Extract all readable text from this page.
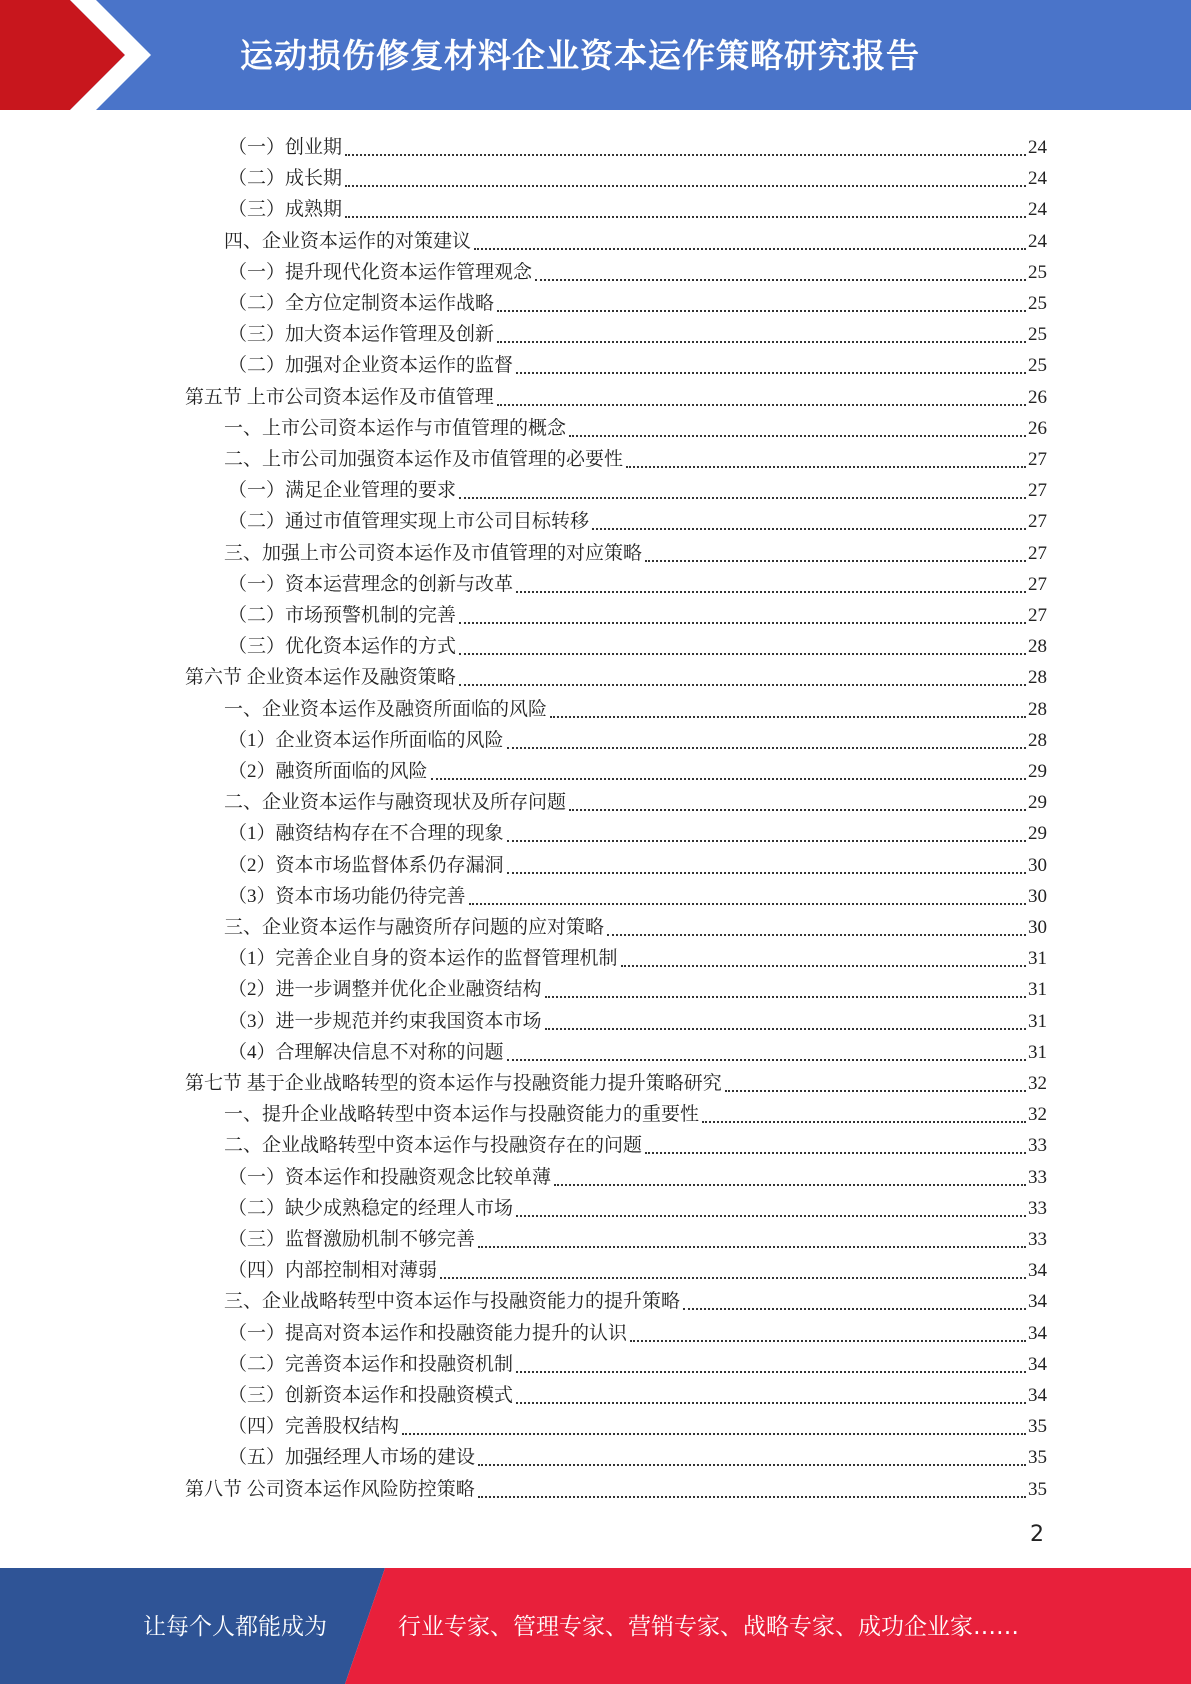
运动损伤修复材料企业资本运作策略研究报告
（一）创业期	24
（二）成长期	24
（三）成熟期	24
四、企业资本运作的对策建议	24
（一）提升现代化资本运作管理观念	25
（二）全方位定制资本运作战略	25
（三）加大资本运作管理及创新	25
（二）加强对企业资本运作的监督	25
第五节 上市公司资本运作及市值管理	26
一、上市公司资本运作与市值管理的概念	26
二、上市公司加强资本运作及市值管理的必要性	27
（一）满足企业管理的要求	27
（二）通过市值管理实现上市公司目标转移	27
三、加强上市公司资本运作及市值管理的对应策略	27
（一）资本运营理念的创新与改革	27
（二）市场预警机制的完善	27
（三）优化资本运作的方式	28
第六节 企业资本运作及融资策略	28
一、企业资本运作及融资所面临的风险	28
（1）企业资本运作所面临的风险	28
（2）融资所面临的风险	29
二、企业资本运作与融资现状及所存问题	29
（1）融资结构存在不合理的现象	29
（2）资本市场监督体系仍存漏洞	30
（3）资本市场功能仍待完善	30
三、企业资本运作与融资所存问题的应对策略	30
（1）完善企业自身的资本运作的监督管理机制	31
（2）进一步调整并优化企业融资结构	31
（3）进一步规范并约束我国资本市场	31
（4）合理解决信息不对称的问题	31
第七节 基于企业战略转型的资本运作与投融资能力提升策略研究	32
一、提升企业战略转型中资本运作与投融资能力的重要性	32
二、企业战略转型中资本运作与投融资存在的问题	33
（一）资本运作和投融资观念比较单薄	33
（二）缺少成熟稳定的经理人市场	33
（三）监督激励机制不够完善	33
（四）内部控制相对薄弱	34
三、企业战略转型中资本运作与投融资能力的提升策略	34
（一）提高对资本运作和投融资能力提升的认识	34
（二）完善资本运作和投融资机制	34
（三）创新资本运作和投融资模式	34
（四）完善股权结构	35
（五）加强经理人市场的建设	35
第八节 公司资本运作风险防控策略	35
2
让每个人都能成为	行业专家、管理专家、营销专家、战略专家、成功企业家……
